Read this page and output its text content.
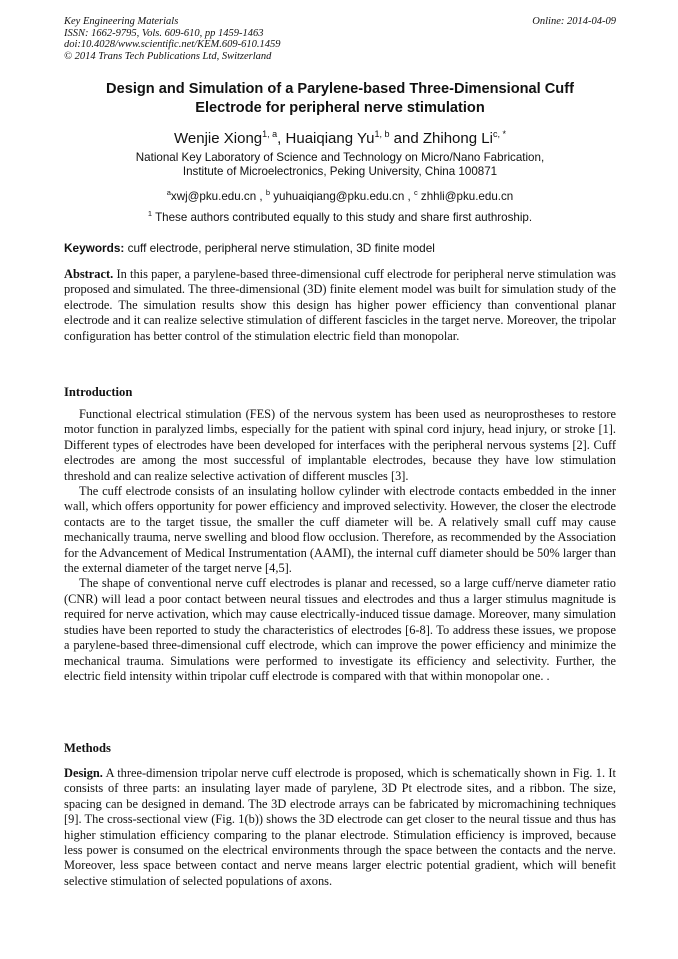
Key Engineering Materials
ISSN: 1662-9795, Vols. 609-610, pp 1459-1463
doi:10.4028/www.scientific.net/KEM.609-610.1459
© 2014 Trans Tech Publications Ltd, Switzerland
Online: 2014-04-09
Design and Simulation of a Parylene-based Three-Dimensional Cuff
Electrode for peripheral nerve stimulation
Wenjie Xiong$^{1, a}$, Huaiqiang Yu$^{1, b}$ and Zhihong $Li^{c, *}$
National Key Laboratory of Science and Technology on Micro/Nano Fabrication,
Institute of Microelectronics, Peking University, China 100871
$^a$xwj@pku.edu.cn , $^b$ yuhuaiqiang@pku.edu.cn , $^c$ zhhli@pku.edu.cn
$^1$ These authors contributed equally to this study and share first authroship.
Keywords: cuff electrode, peripheral nerve stimulation, 3D finite model

Abstract. In this paper, a parylene-based three-dimensional cuff electrode for peripheral nerve stimulation was proposed and simulated. The three-dimensional (3D) finite element model was built for simulation study of the electrode. The simulation results show this design has higher power efficiency than conventional planar electrode and it can realize selective stimulation of different fascicles in the target nerve. Moreover, the tripolar configuration has better control of the stimulation electric field than monopolar.

Introduction

Functional electrical stimulation (FES) of the nervous system has been used as neuroprostheses to restore motor function in paralyzed limbs, especially for the patient with spinal cord injury, head injury, or stroke [1]. Different types of electrodes have been developed for interfaces with the peripheral nervous systems [2]. Cuff electrodes are among the most successful of implantable electrodes, because they have low stimulation threshold and can realize selective activation of different muscles [3].

The cuff electrode consists of an insulating hollow cylinder with electrode contacts embedded in the inner wall, which offers opportunity for power efficiency and improved selectivity. However, the closer the electrode contacts are to the target tissue, the smaller the cuff diameter will be. A relatively small cuff may cause mechanically trauma, nerve swelling and blood flow occlusion. Therefore, as recommended by the Association for the Advancement of Medical Instrumentation (AAMI), the internal cuff diameter should be 50% larger than the external diameter of the target nerve [4,5].

The shape of conventional nerve cuff electrodes is planar and recessed, so a large cuff/nerve diameter ratio (CNR) will lead a poor contact between neural tissues and electrodes and thus a larger stimulus magnitude is required for nerve activation, which may cause electrically-induced tissue damage. Moreover, many simulation studies have been reported to study the characteristics of electrodes [6-8]. To address these issues, we propose a parylene-based three-dimensional cuff electrode, which can improve the power efficiency and minimize the mechanical trauma. Simulations were performed to investigate its efficiency and selectivity. Further, the electric field intensity within tripolar cuff electrode is compared with that within monopolar one. .

Methods

Design. A three-dimension tripolar nerve cuff electrode is proposed, which is schematically shown in Fig. 1. It consists of three parts: an insulating layer made of parylene, 3D Pt electrode sites, and a ribbon. The size, spacing can be designed in demand. The 3D electrode arrays can be fabricated by micromachining techniques [9]. The cross-sectional view (Fig. 1(b)) shows the 3D electrode can get closer to the neural tissue and thus has higher stimulation efficiency comparing to the planar electrode. Stimulation efficiency is improved, because less power is consumed on the electrical environments through the space between the contacts and the nerve. Moreover, less space between contact and nerve means larger electric potential gradient, which will benefit selective stimulation of selected populations of axons.
